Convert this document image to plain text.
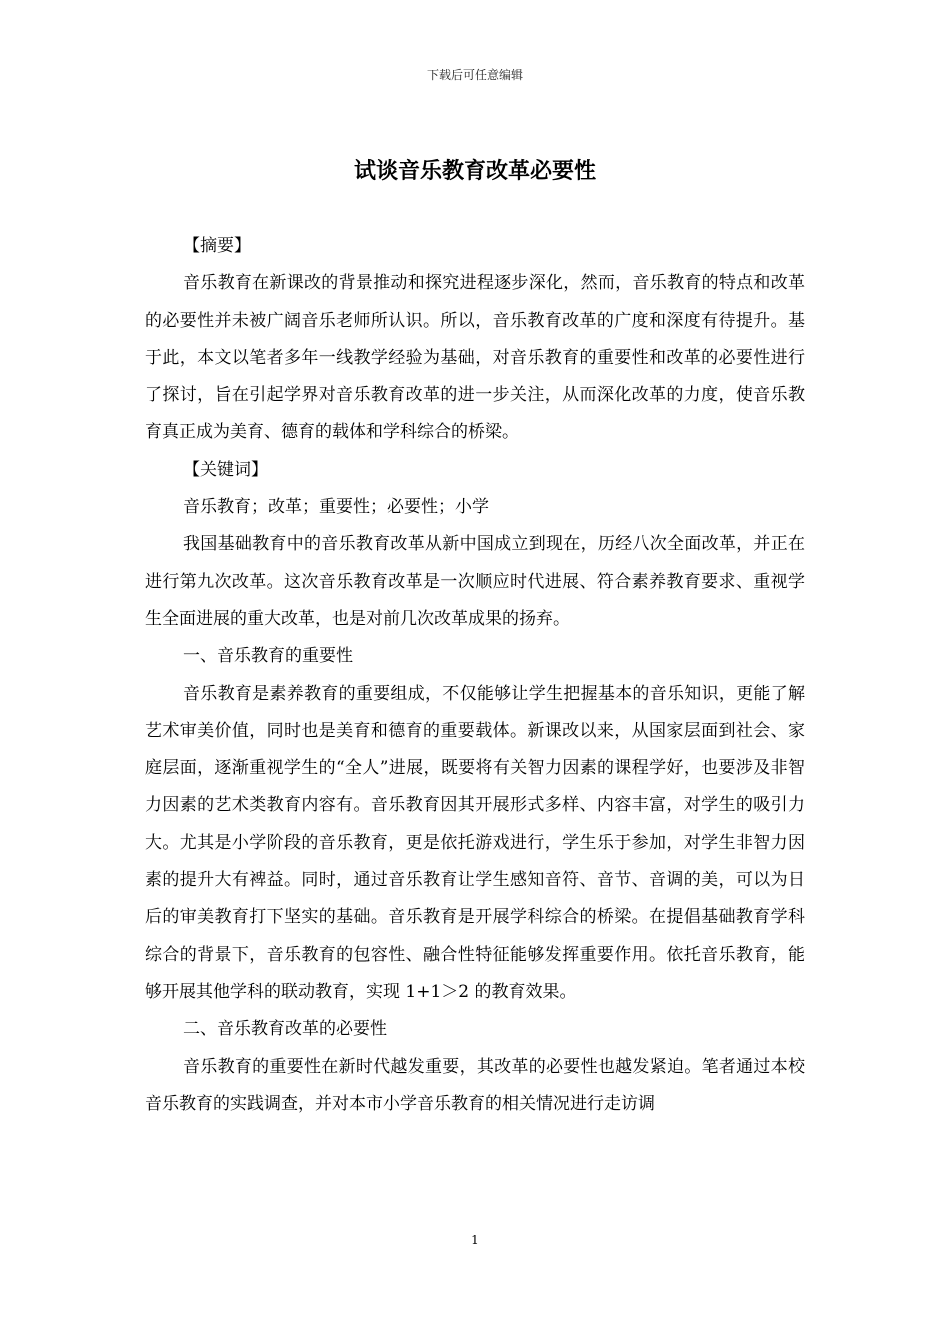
下载后可任意编辑
试谈音乐教育改革必要性

【摘要】

音乐教育在新课改的背景推动和探究进程逐步深化，然而，音乐教育的特点和改革的必要性并未被广阔音乐老师所认识。所以，音乐教育改革的广度和深度有待提升。基于此，本文以笔者多年一线教学经验为基础，对音乐教育的重要性和改革的必要性进行了探讨，旨在引起学界对音乐教育改革的进一步关注，从而深化改革的力度，使音乐教育真正成为美育、德育的载体和学科综合的桥梁。

【关键词】

音乐教育；改革；重要性；必要性；小学

我国基础教育中的音乐教育改革从新中国成立到现在，历经八次全面改革，并正在进行第九次改革。这次音乐教育改革是一次顺应时代进展、符合素养教育要求、重视学生全面进展的重大改革，也是对前几次改革成果的扬弃。

一、音乐教育的重要性

音乐教育是素养教育的重要组成，不仅能够让学生把握基本的音乐知识，更能了解艺术审美价值，同时也是美育和德育的重要载体。新课改以来，从国家层面到社会、家庭层面，逐渐重视学生的“全人”进展，既要将有关智力因素的课程学好，也要涉及非智力因素的艺术类教育内容有。音乐教育因其开展形式多样、内容丰富，对学生的吸引力大。尤其是小学阶段的音乐教育，更是依托游戏进行，学生乐于参加，对学生非智力因素的提升大有裨益。同时，通过音乐教育让学生感知音符、音节、音调的美，可以为日后的审美教育打下坚实的基础。音乐教育是开展学科综合的桥梁。在提倡基础教育学科综合的背景下，音乐教育的包容性、融合性特征能够发挥重要作用。依托音乐教育，能够开展其他学科的联动教育，实现 1+1＞2 的教育效果。

二、音乐教育改革的必要性

音乐教育的重要性在新时代越发重要，其改革的必要性也越发紧迫。笔者通过本校音乐教育的实践调查，并对本市小学音乐教育的相关情况进行走访调

1
